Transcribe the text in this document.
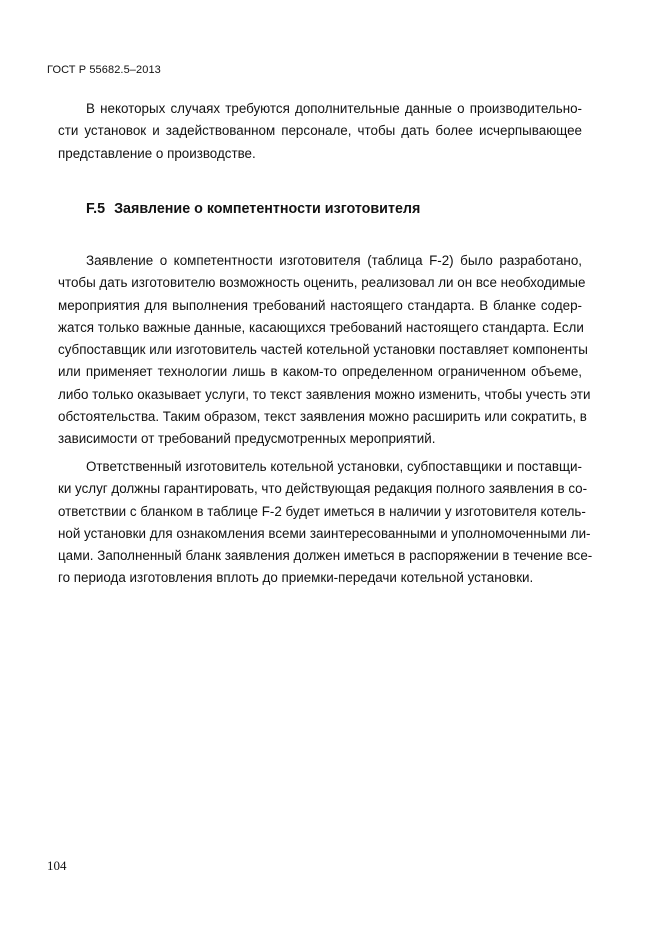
ГОСТ Р 55682.5–2013
В некоторых случаях требуются дополнительные данные о производительно-
сти установок и задействованном персонале, чтобы дать более исчерпывающее
представление о производстве.
F.5 Заявление о компетентности изготовителя
Заявление о компетентности изготовителя (таблица F-2) было разработано,
чтобы дать изготовителю возможность оценить, реализовал ли он все необходимые
мероприятия для выполнения требований настоящего стандарта. В бланке содер-
жатся только важные данные, касающихся требований настоящего стандарта. Если
субпоставщик или изготовитель частей котельной установки поставляет компоненты
или применяет технологии лишь в каком-то определенном ограниченном объеме,
либо только оказывает услуги, то текст заявления можно изменить, чтобы учесть эти
обстоятельства. Таким образом, текст заявления можно расширить или сократить, в
зависимости от требований предусмотренных мероприятий.
Ответственный изготовитель котельной установки, субпоставщики и поставщи-
ки услуг должны гарантировать, что действующая редакция полного заявления в со-
ответствии с бланком в таблице F-2 будет иметься в наличии у изготовителя котель-
ной установки для ознакомления всеми заинтересованными и уполномоченными ли-
цами. Заполненный бланк заявления должен иметься в распоряжении в течение все-
го периода изготовления вплоть до приемки-передачи котельной установки.
104
